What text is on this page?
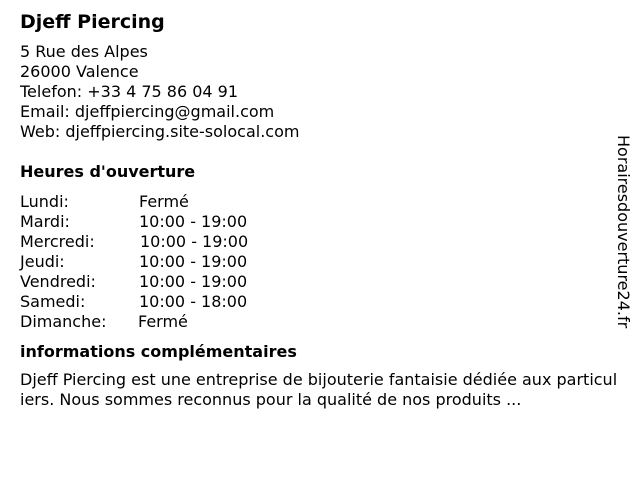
Djeff Piercing
5 Rue des Alpes
26000 Valence
Telefon: +33 4 75 86 04 91
Email: djeffpiercing@gmail.com
Web: djeffpiercing.site-solocal.com
Heures d'ouverture
Lundi:	Fermé
Mardi:	10:00 - 19:00
Mercredi:	10:00 - 19:00
Jeudi:	10:00 - 19:00
Vendredi:	10:00 - 19:00
Samedi:	10:00 - 18:00
Dimanche:	Fermé
informations complémentaires
Djeff Piercing est une entreprise de bijouterie fantaisie dédiée aux particuliers. Nous sommes reconnus pour la qualité de nos produits ...
Horairesdouverture24.fr
